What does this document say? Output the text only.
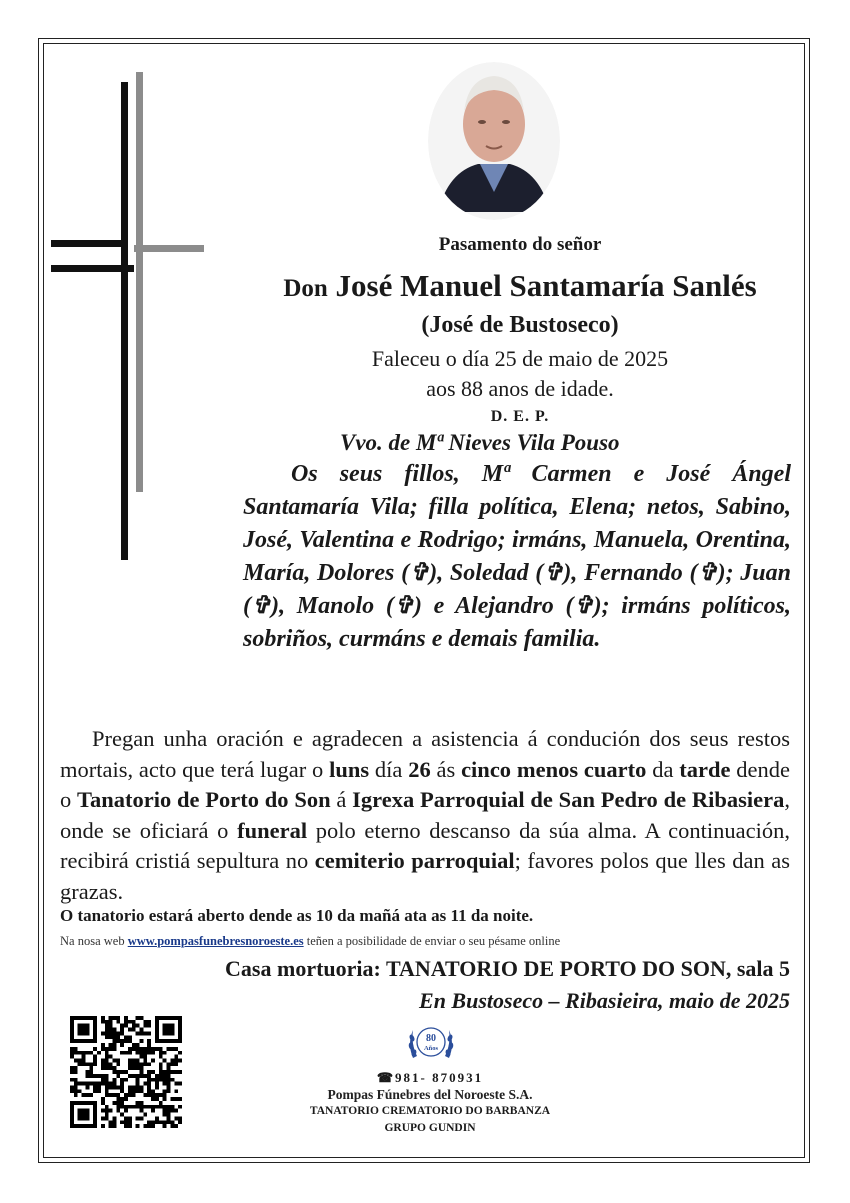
Pasamento do señor
Don José Manuel Santamaría Sanlés
(José de Bustoseco)
Faleceu o día 25 de maio de 2025
aos 88 anos de idade.
D. E. P.
Vvo. de Mª Nieves Vila Pouso
Os seus fillos, Mª Carmen e José Ángel Santamaría Vila; filla política, Elena; netos, Sabino, José, Valentina e Rodrigo; irmáns, Manuela, Orentina, María, Dolores (✞), Soledad (✞), Fernando (✞); Juan (✞), Manolo (✞) e Alejandro (✞); irmáns políticos, sobriños, curmáns e demais familia.
Pregan unha oración e agradecen a asistencia á condución dos seus restos mortais, acto que terá lugar o luns día 26 ás cinco menos cuarto da tarde dende o Tanatorio de Porto do Son á Igrexa Parroquial de San Pedro de Ribasiera, onde se oficiará o funeral polo eterno descanso da súa alma. A continuación, recibirá cristiá sepultura no cemiterio parroquial; favores polos que lles dan as grazas.
O tanatorio estará aberto dende as 10 da mañá ata as 11 da noite.
Na nosa web www.pompasfunebresnoroeste.es teñen a posibilidade de enviar o seu pésame online
Casa mortuoria: TANATORIO DE PORTO DO SON, sala 5
En Bustoseco – Ribasieira, maio de 2025
80
Años
☎981- 870931
Pompas Fúnebres del Noroeste S.A.
TANATORIO CREMATORIO DO BARBANZA
GRUPO GUNDIN
